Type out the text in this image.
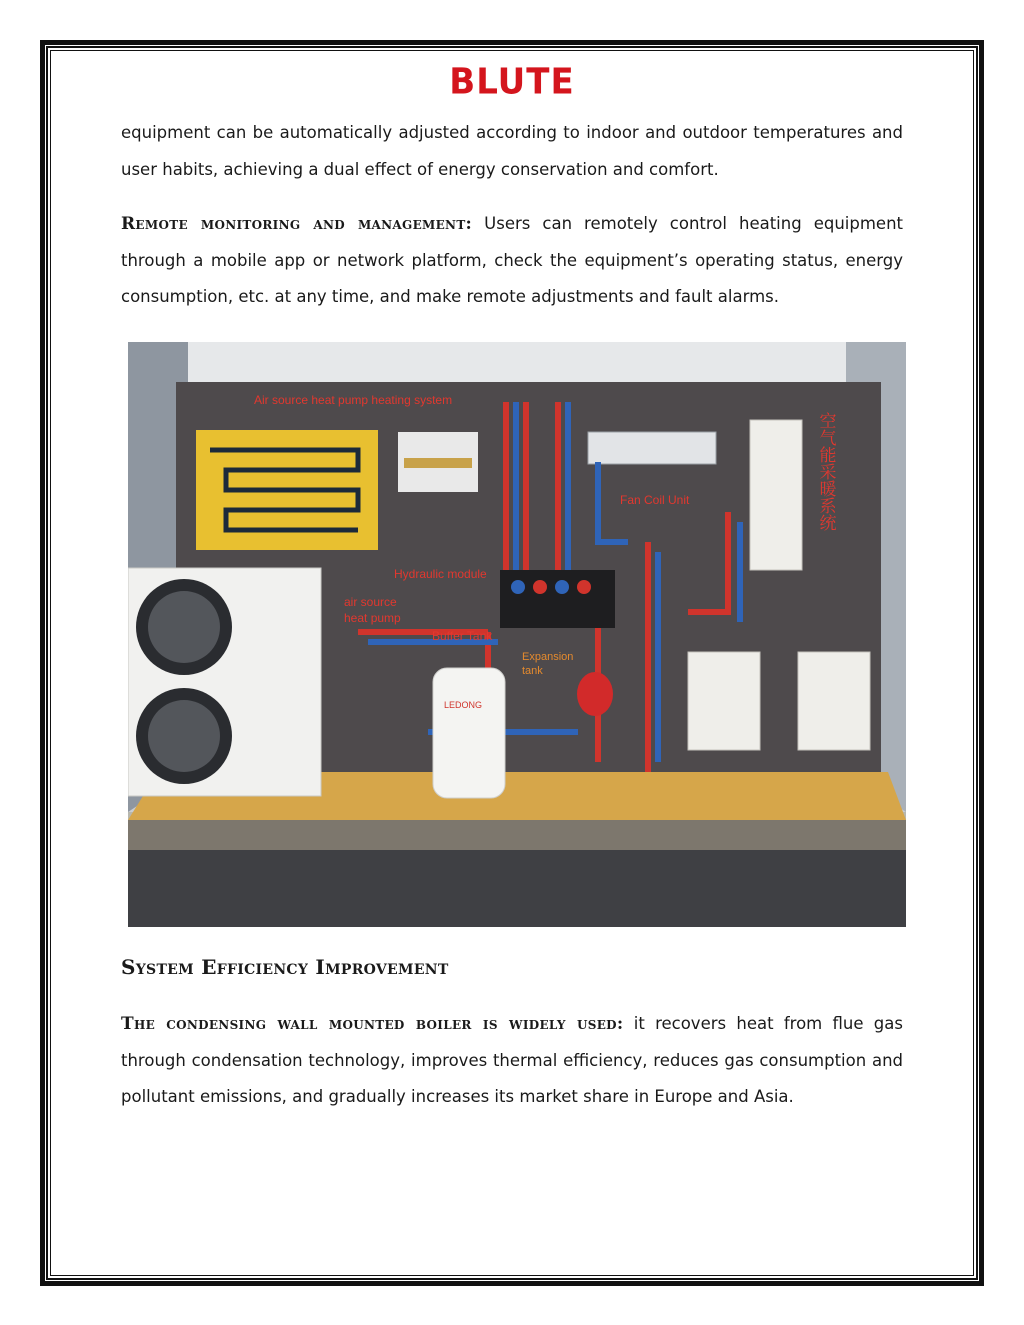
BLUTE

equipment can be automatically adjusted according to indoor and outdoor temperatures and user habits, achieving a dual effect of energy conservation and comfort.

Remote monitoring and management: Users can remotely control heating equipment through a mobile app or network platform, check the equipment’s operating status, energy consumption, etc. at any time, and make remote adjustments and fault alarms.

Air source heat pump heating system
Fan Coil Unit
Hydraulic module
air source
heat pump
Buffer Tank
Expansion
tank
LEDONG
空气能采暖系统
System Efficiency Improvement

The condensing wall mounted boiler is widely used: it recovers heat from flue gas through condensation technology, improves thermal efficiency, reduces gas consumption and pollutant emissions, and gradually increases its market share in Europe and Asia.
